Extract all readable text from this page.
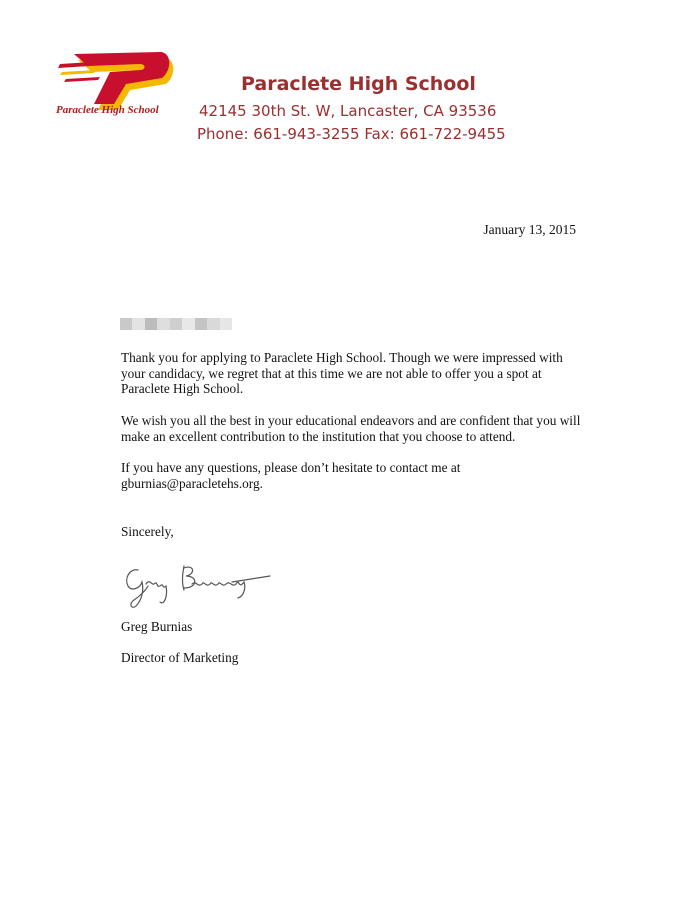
Paraclete High School
Paraclete High School
42145 30th St. W, Lancaster, CA 93536
Phone: 661-943-3255 Fax: 661-722-9455
January 13, 2015

Thank you for applying to Paraclete High School. Though we were impressed with your candidacy, we regret that at this time we are not able to offer you a spot at Paraclete High School.

We wish you all the best in your educational endeavors and are confident that you will make an excellent contribution to the institution that you choose to attend.

If you have any questions, please don’t hesitate to contact me at gburnias@paracletehs.org.

Sincerely,
Greg Burnias
Director of Marketing
